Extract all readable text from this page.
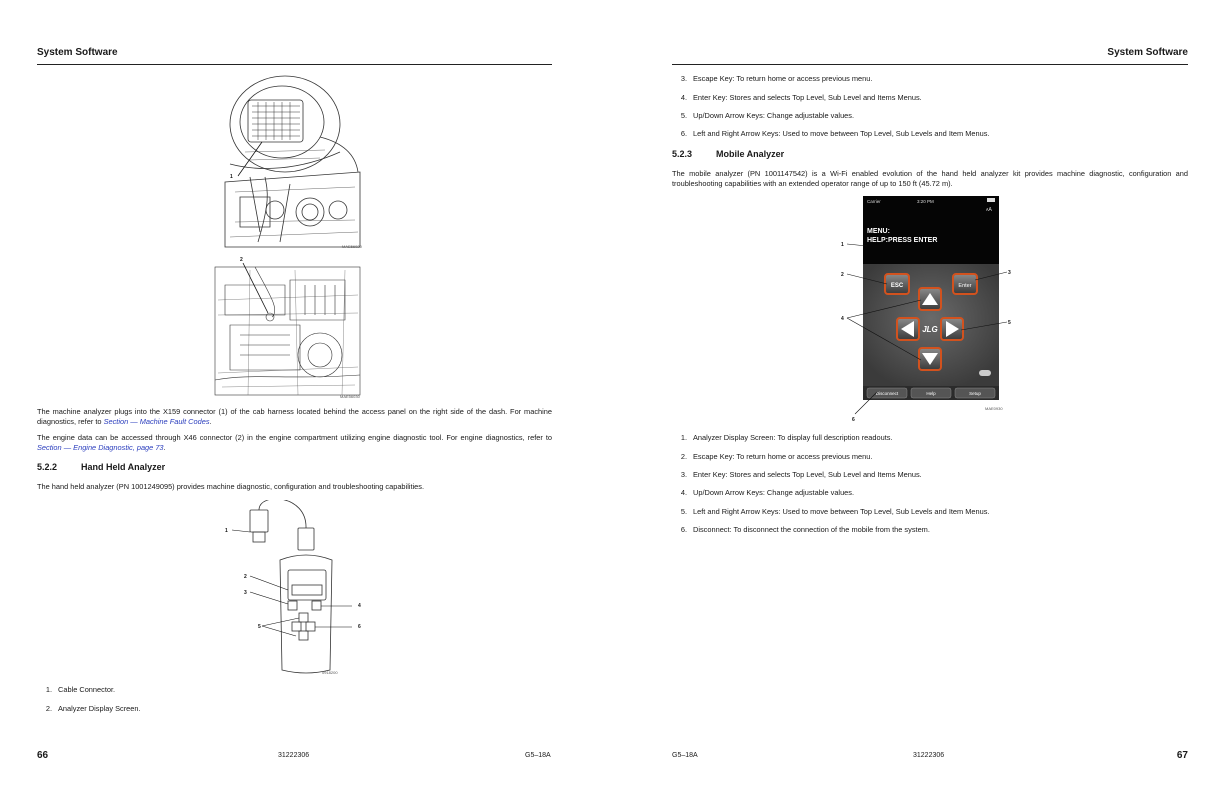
System Software
1
MAE56020
2
MAE56030
The machine analyzer plugs into the X159 connector (1) of the cab harness located behind the access panel on the right side of the dash. For machine diagnostics, refer to Section — Machine Fault Codes.
The engine data can be accessed through X46 connector (2) in the engine compartment utilizing engine diagnostic tool. For engine diagnostics, refer to Section — Engine Diagnostic, page 73.
5.2.2	Hand Held Analyzer
The hand held analyzer (PN 1001249095) provides machine diagnostic, configuration and troubleshooting capabilities.
1
2
3
5
0918200
4
6
1. Cable Connector.
2. Analyzer Display Screen.
66	31222306	G5–18A
System Software
3. Escape Key: To return home or access previous menu.
4. Enter Key: Stores and selects Top Level, Sub Level and Items Menus.
5. Up/Down Arrow Keys: Change adjustable values.
6. Left and Right Arrow Keys: Used to move between Top Level, Sub Levels and Item Menus.
5.2.3	Mobile Analyzer
The mobile analyzer (PN 1001147542) is a Wi-Fi enabled evolution of the hand held analyzer kit provides machine diagnostic, configuration and troubleshooting capabilities with an extended operator range of up to 150 ft (45.72 m).
Carrier	3:20 PM
ᴀA
MENU:
HELP:PRESS ENTER
ESC	Enter
JLG
Disconnect	Help	Setup
1
2	3
4
5
6
MAE0930
1. Analyzer Display Screen: To display full description readouts.
2. Escape Key: To return home or access previous menu.
3. Enter Key: Stores and selects Top Level, Sub Level and Items Menus.
4. Up/Down Arrow Keys: Change adjustable values.
5. Left and Right Arrow Keys: Used to move between Top Level, Sub Levels and Item Menus.
6. Disconnect: To disconnect the connection of the mobile from the system.
G5–18A	31222306	67
